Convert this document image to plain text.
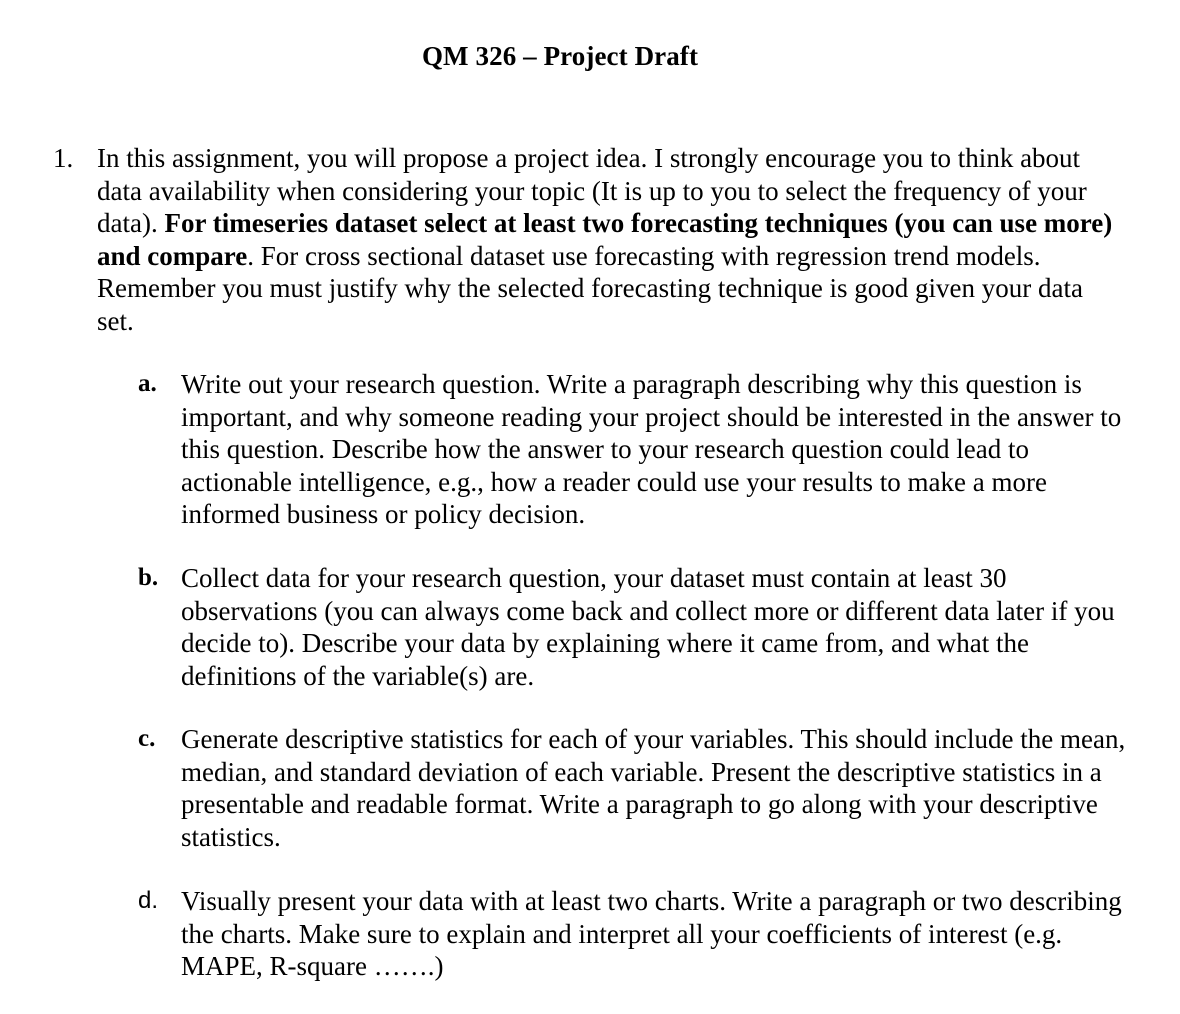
QM 326 – Project Draft
1. In this assignment, you will propose a project idea. I strongly encourage you to think about data availability when considering your topic (It is up to you to select the frequency of your data). For timeseries dataset select at least two forecasting techniques (you can use more) and compare. For cross sectional dataset use forecasting with regression trend models. Remember you must justify why the selected forecasting technique is good given your data set.

a. Write out your research question. Write a paragraph describing why this question is important, and why someone reading your project should be interested in the answer to this question. Describe how the answer to your research question could lead to actionable intelligence, e.g., how a reader could use your results to make a more informed business or policy decision.

b. Collect data for your research question, your dataset must contain at least 30 observations (you can always come back and collect more or different data later if you decide to). Describe your data by explaining where it came from, and what the definitions of the variable(s) are.

c. Generate descriptive statistics for each of your variables. This should include the mean, median, and standard deviation of each variable. Present the descriptive statistics in a presentable and readable format. Write a paragraph to go along with your descriptive statistics.

d. Visually present your data with at least two charts. Write a paragraph or two describing the charts. Make sure to explain and interpret all your coefficients of interest (e.g. MAPE, R-square …….)
